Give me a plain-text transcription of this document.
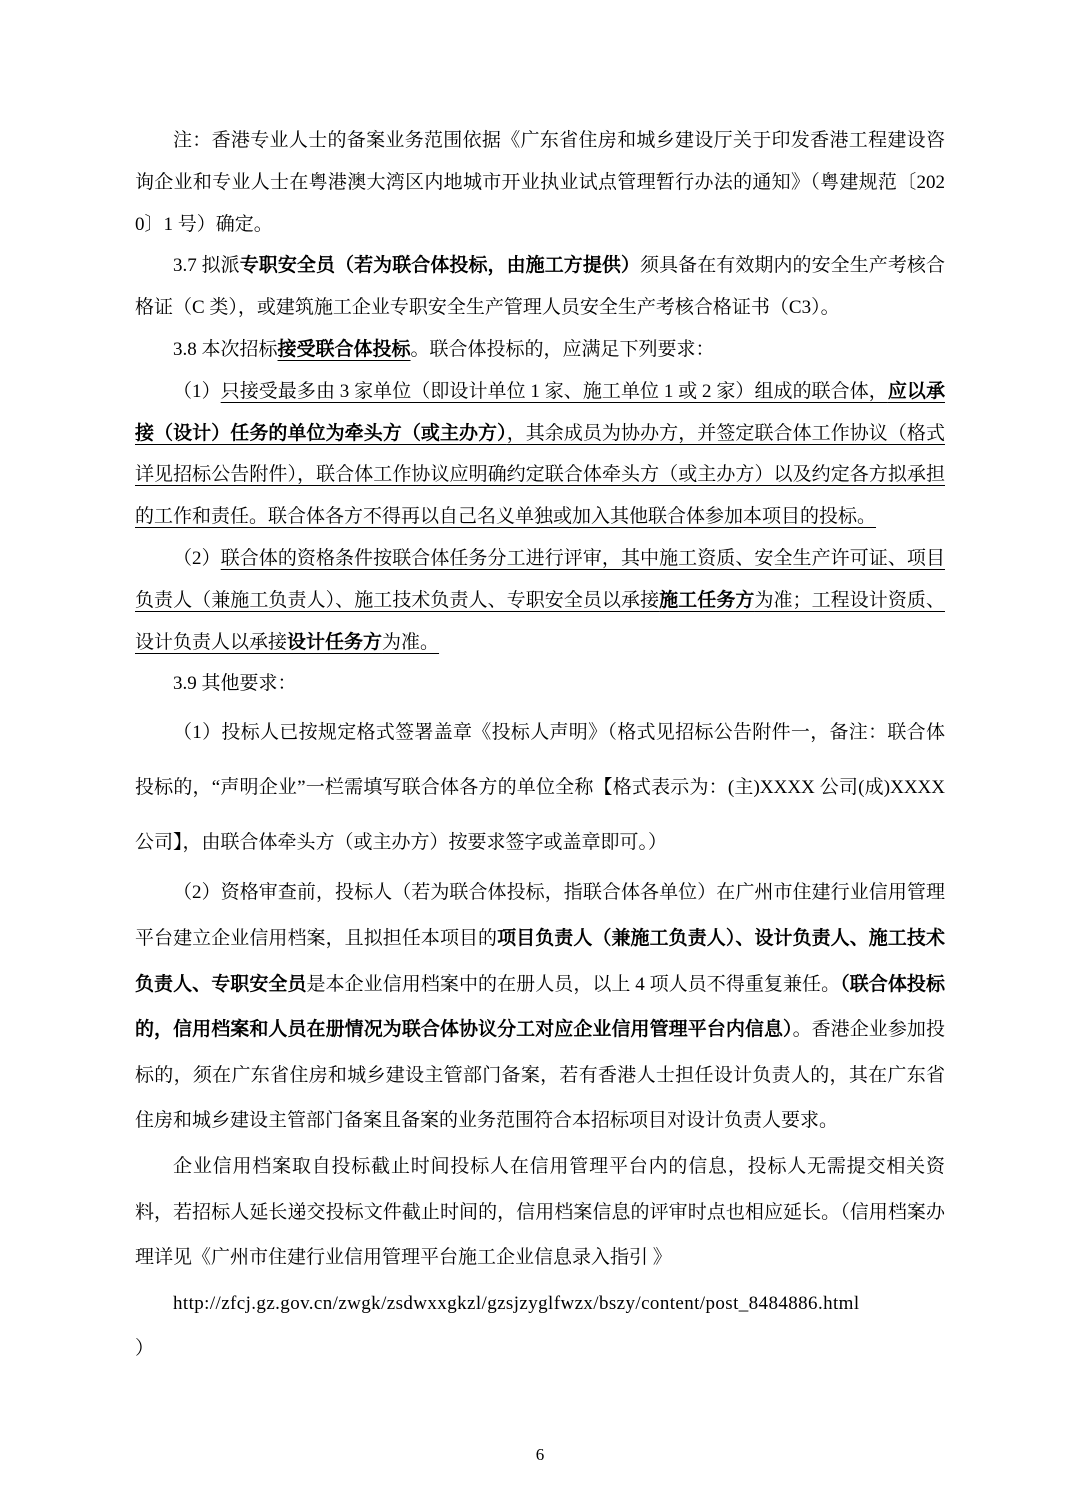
注：香港专业人士的备案业务范围依据《广东省住房和城乡建设厅关于印发香港工程建设咨询企业和专业人士在粤港澳大湾区内地城市开业执业试点管理暂行办法的通知》（粤建规范〔2020〕1 号）确定。

3.7 拟派专职安全员（若为联合体投标，由施工方提供）须具备在有效期内的安全生产考核合格证（C 类），或建筑施工企业专职安全生产管理人员安全生产考核合格证书（C3）。

3.8 本次招标接受联合体投标。联合体投标的，应满足下列要求：

（1）只接受最多由 3 家单位（即设计单位 1 家、施工单位 1 或 2 家）组成的联合体，应以承接（设计）任务的单位为牵头方（或主办方），其余成员为协办方，并签定联合体工作协议（格式详见招标公告附件），联合体工作协议应明确约定联合体牵头方（或主办方）以及约定各方拟承担的工作和责任。联合体各方不得再以自己名义单独或加入其他联合体参加本项目的投标。

（2）联合体的资格条件按联合体任务分工进行评审，其中施工资质、安全生产许可证、项目负责人（兼施工负责人）、施工技术负责人、专职安全员以承接施工任务方为准；工程设计资质、设计负责人以承接设计任务方为准。

3.9 其他要求：

（1）投标人已按规定格式签署盖章《投标人声明》（格式见招标公告附件一，备注：联合体投标的，“声明企业”一栏需填写联合体各方的单位全称【格式表示为：(主)XXXX 公司(成)XXXX 公司】，由联合体牵头方（或主办方）按要求签字或盖章即可。）

（2）资格审查前，投标人（若为联合体投标，指联合体各单位）在广州市住建行业信用管理平台建立企业信用档案，且拟担任本项目的项目负责人（兼施工负责人）、设计负责人、施工技术负责人、专职安全员是本企业信用档案中的在册人员，以上 4 项人员不得重复兼任。（联合体投标的，信用档案和人员在册情况为联合体协议分工对应企业信用管理平台内信息）。香港企业参加投标的，须在广东省住房和城乡建设主管部门备案，若有香港人士担任设计负责人的，其在广东省住房和城乡建设主管部门备案且备案的业务范围符合本招标项目对设计负责人要求。

企业信用档案取自投标截止时间投标人在信用管理平台内的信息，投标人无需提交相关资料，若招标人延长递交投标文件截止时间的，信用档案信息的评审时点也相应延长。（信用档案办理详见《广州市住建行业信用管理平台施工企业信息录入指引 》

http://zfcj.gz.gov.cn/zwgk/zsdwxxgkzl/gzsjzyglfwzx/bszy/content/post_8484886.html

）

6
